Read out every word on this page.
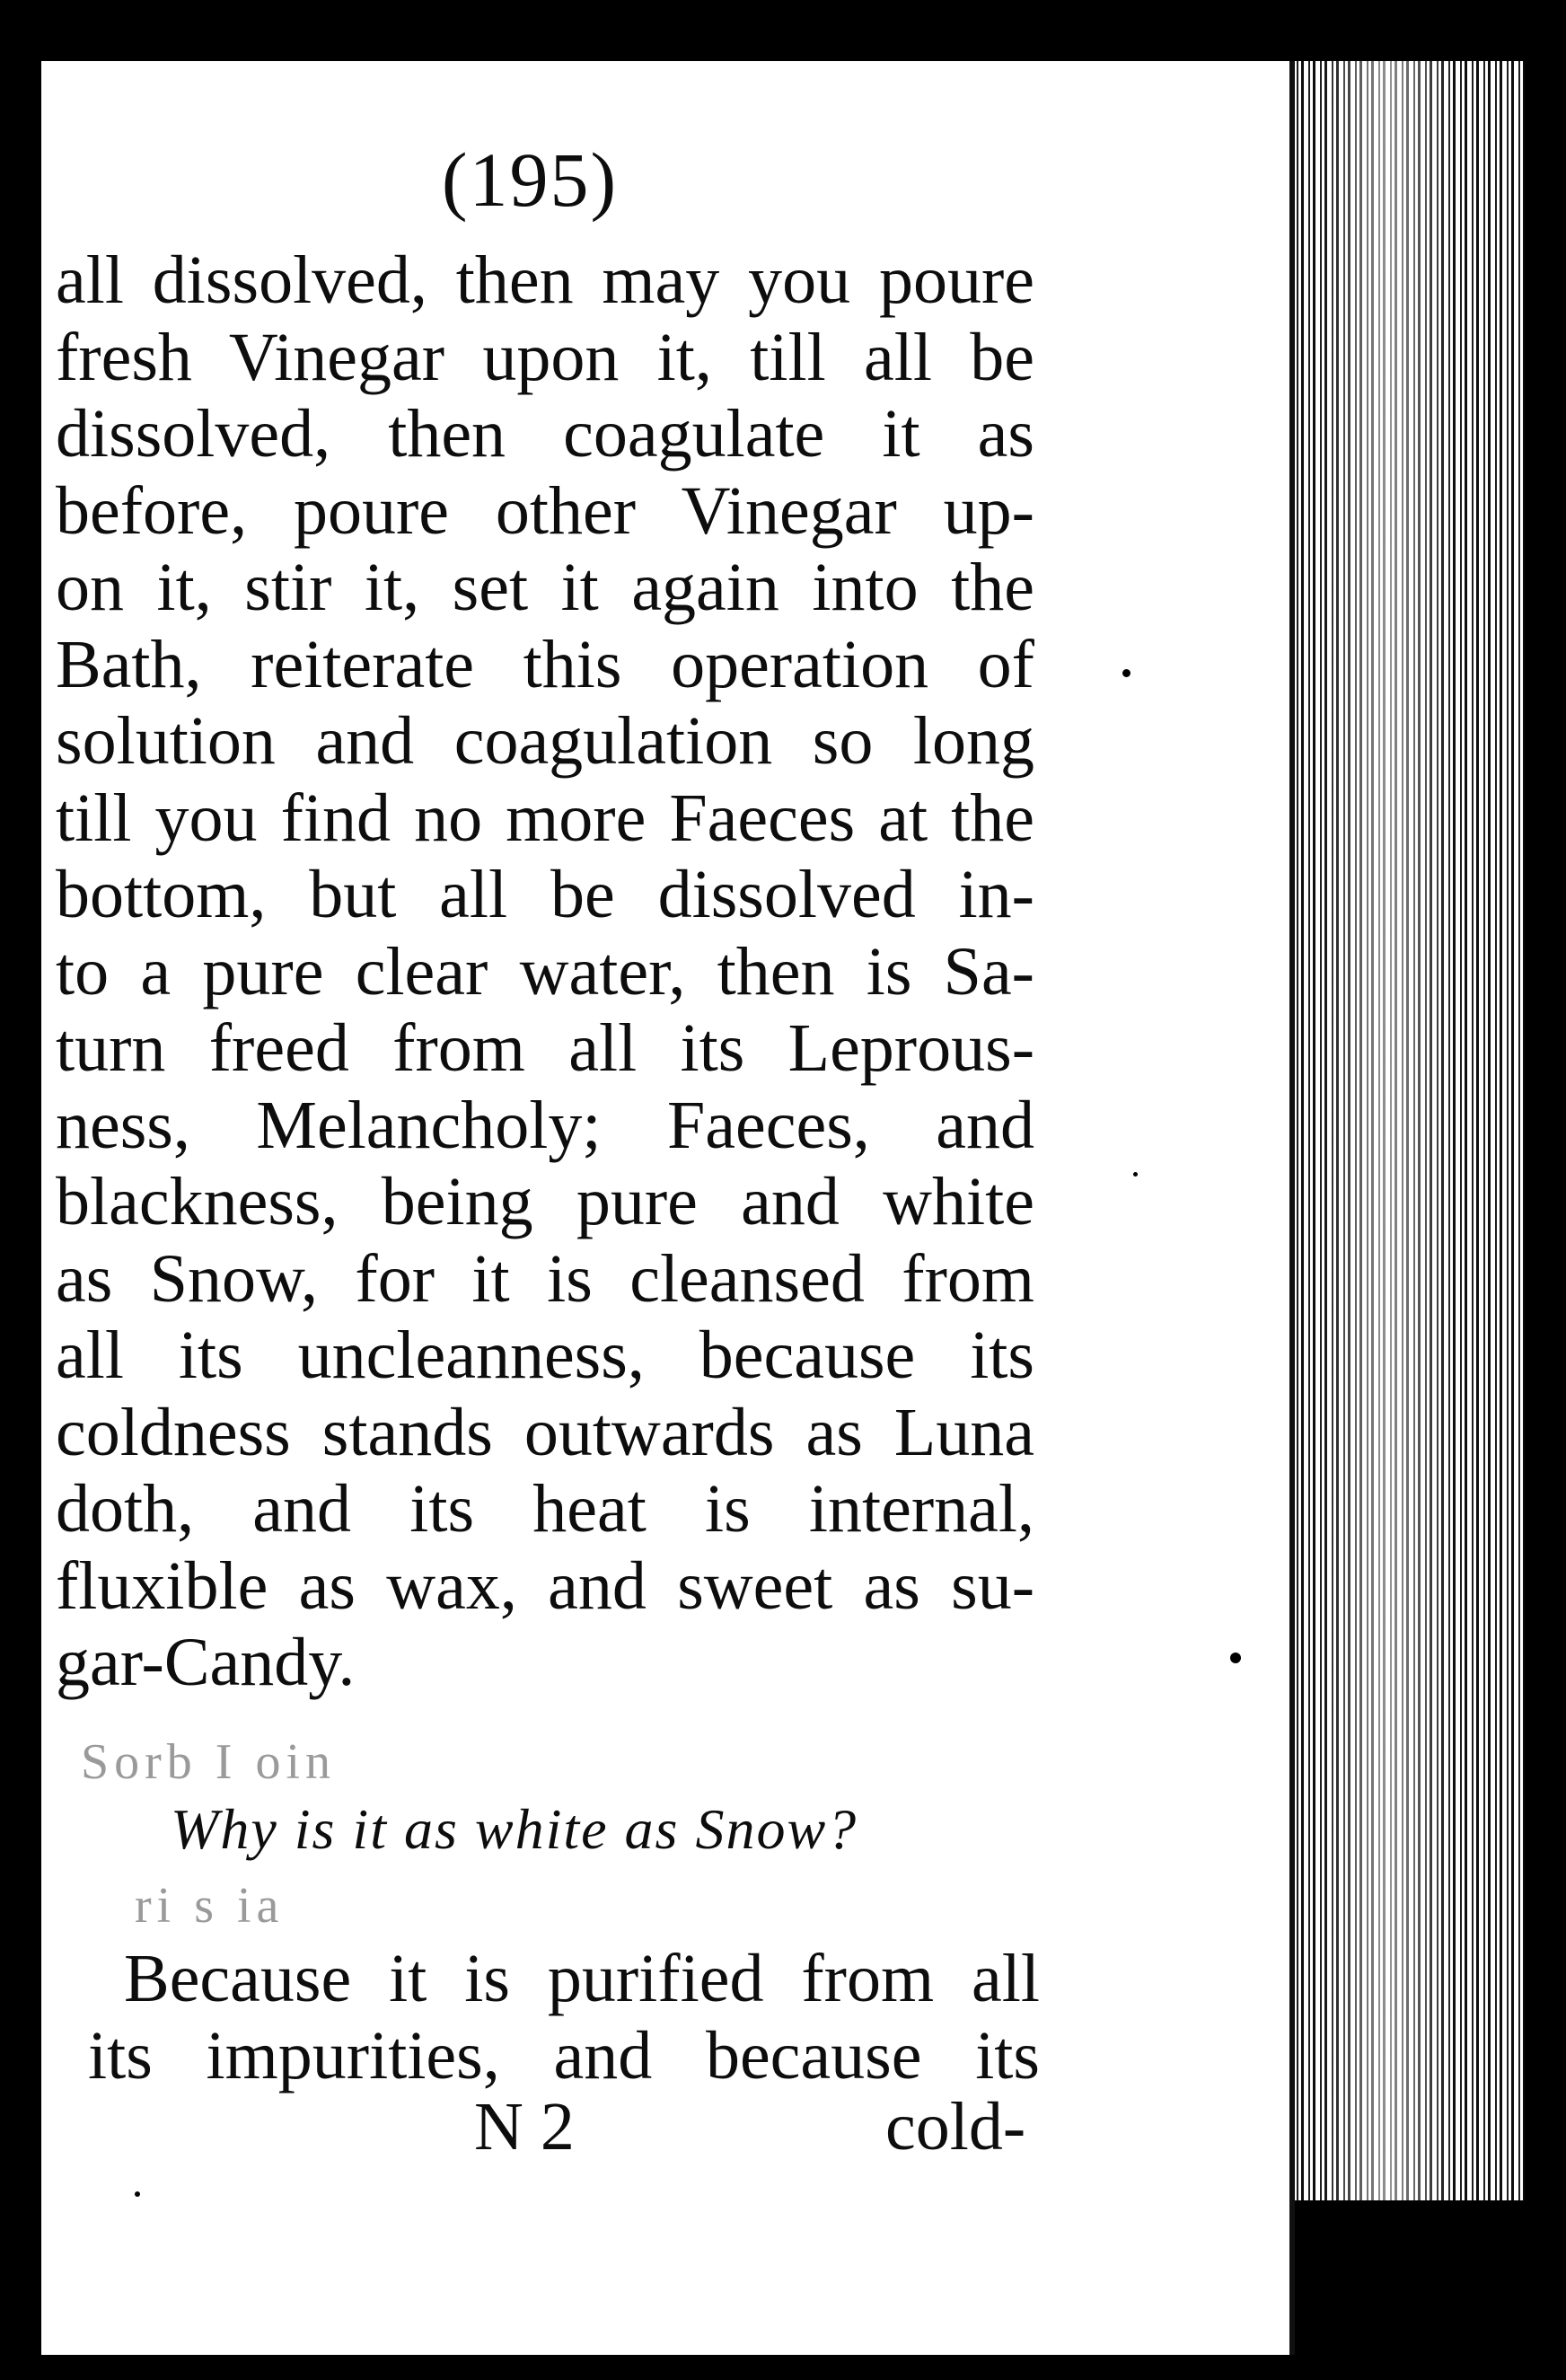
(195)
all dissolved, then may you poure
fresh Vinegar upon it, till all be
dissolved, then coagulate it as
before, poure other Vinegar up-
on it, stir it, set it again into the
Bath, reiterate this operation of
solution and coagulation so long
till you find no more Faeces at the
bottom, but all be dissolved in-
to a pure clear water, then is Sa-
turn freed from all its Leprous-
ness, Melancholy; Faeces, and
blackness, being pure and white
as Snow, for it is cleansed from
all its uncleanness, because its
coldness stands outwards as Luna
doth, and its heat is internal,
fluxible as wax, and sweet as su-
gar-Candy.
Sorb I oin
Why is it as white as Snow?
ri s ia
Because it is purified from all
its impurities, and because its
N 2	cold-
